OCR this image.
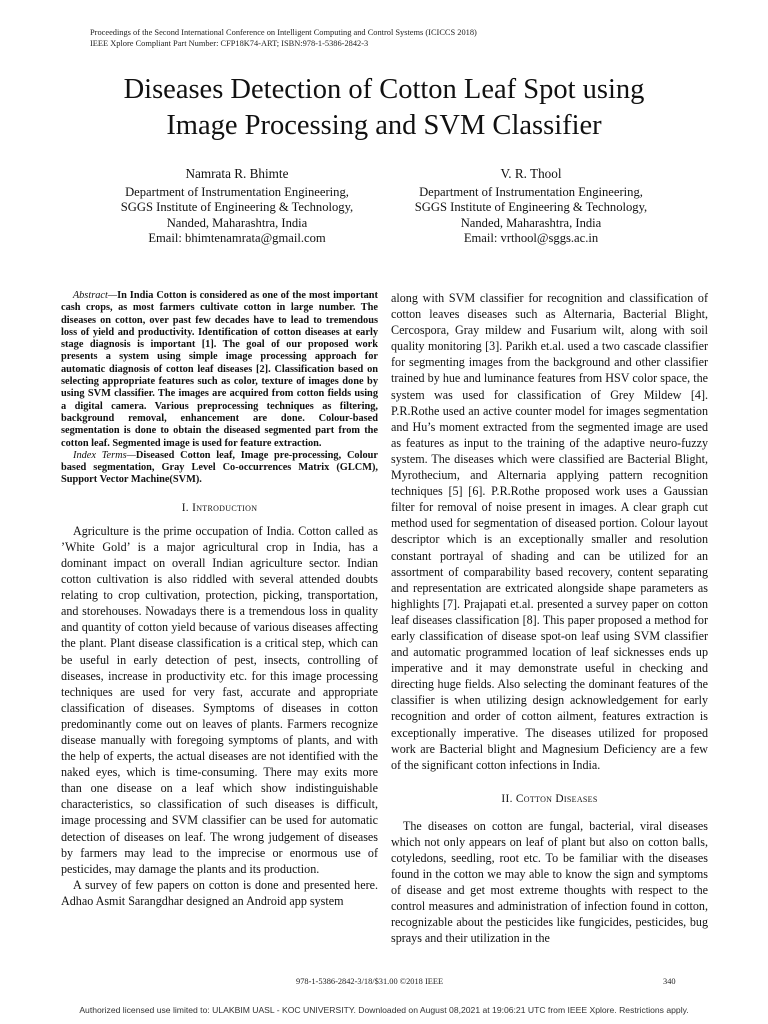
Proceedings of the Second International Conference on Intelligent Computing and Control Systems (ICICCS 2018)
IEEE Xplore Compliant Part Number: CFP18K74-ART; ISBN:978-1-5386-2842-3
Diseases Detection of Cotton Leaf Spot using
Image Processing and SVM Classifier
Namrata R. Bhimte
Department of Instrumentation Engineering,
SGGS Institute of Engineering & Technology,
Nanded, Maharashtra, India
Email: bhimtenamrata@gmail.com
V. R. Thool
Department of Instrumentation Engineering,
SGGS Institute of Engineering & Technology,
Nanded, Maharashtra, India
Email: vrthool@sggs.ac.in

Abstract—In India Cotton is considered as one of the most important cash crops, as most farmers cultivate cotton in large number. The diseases on cotton, over past few decades have to lead to tremendous loss of yield and productivity. Identification of cotton diseases at early stage diagnosis is important [1]. The goal of our proposed work presents a system using simple image processing approach for automatic diagnosis of cotton leaf diseases [2]. Classification based on selecting appropriate features such as color, texture of images done by using SVM classifier. The images are acquired from cotton fields using a digital camera. Various preprocessing techniques as filtering, background removal, enhancement are done. Colour-based segmentation is done to obtain the diseased segmented part from the cotton leaf. Segmented image is used for feature extraction.

Index Terms—Diseased Cotton leaf, Image pre-processing, Colour based segmentation, Gray Level Co-occurrences Matrix (GLCM), Support Vector Machine(SVM).

I. Introduction

Agriculture is the prime occupation of India. Cotton called as ’White Gold’ is a major agricultural crop in India, has a dominant impact on overall Indian agriculture sector. Indian cotton cultivation is also riddled with several attended doubts relating to crop cultivation, protection, picking, transportation, and storehouses. Nowadays there is a tremendous loss in quality and quantity of cotton yield because of various diseases affecting the plant. Plant disease classification is a critical step, which can be useful in early detection of pest, insects, controlling of diseases, increase in productivity etc. for this image processing techniques are used for very fast, accurate and appropriate classification of diseases. Symptoms of diseases in cotton predominantly come out on leaves of plants. Farmers recognize disease manually with foregoing symptoms of plants, and with the help of experts, the actual diseases are not identified with the naked eyes, which is time-consuming. There may exits more than one disease on a leaf which show indistinguishable characteristics, so classification of such diseases is difficult, image processing and SVM classifier can be used for automatic detection of diseases on leaf. The wrong judgement of diseases by farmers may lead to the imprecise or enormous use of pesticides, may damage the plants and its production.

A survey of few papers on cotton is done and presented here. Adhao Asmit Sarangdhar designed an Android app system

along with SVM classifier for recognition and classification of cotton leaves diseases such as Alternaria, Bacterial Blight, Cercospora, Gray mildew and Fusarium wilt, along with soil quality monitoring [3]. Parikh et.al. used a two cascade classifier for segmenting images from the background and other classifier trained by hue and luminance features from HSV color space, the system was used for classification of Grey Mildew [4]. P.R.Rothe used an active counter model for images segmentation and Hu’s moment extracted from the segmented image are used as features as input to the training of the adaptive neuro-fuzzy system. The diseases which were classified are Bacterial Blight, Myrothecium, and Alternaria applying pattern recognition techniques [5] [6]. P.R.Rothe proposed work uses a Gaussian filter for removal of noise present in images. A clear graph cut method used for segmentation of diseased portion. Colour layout descriptor which is an exceptionally smaller and resolution constant portrayal of shading and can be utilized for an assortment of comparability based recovery, content separating and representation are extricated alongside shape parameters as highlights [7]. Prajapati et.al. presented a survey paper on cotton leaf diseases classification [8]. This paper proposed a method for early classification of disease spot-on leaf using SVM classifier and automatic programmed location of leaf sicknesses ends up imperative and it may demonstrate useful in checking and directing huge fields. Also selecting the dominant features of the classifier is when utilizing design acknowledgement for early recognition and order of cotton ailment, features extraction is exceptionally imperative. The diseases utilized for proposed work are Bacterial blight and Magnesium Deficiency are a few of the significant cotton infections in India.

II. Cotton Diseases

The diseases on cotton are fungal, bacterial, viral diseases which not only appears on leaf of plant but also on cotton balls, cotyledons, seedling, root etc. To be familiar with the diseases found in the cotton we may able to know the sign and symptoms of disease and get most extreme thoughts with respect to the control measures and administration of infection found in cotton, recognizable about the pesticides like fungicides, pesticides, bug sprays and their utilization in the

978-1-5386-2842-3/18/$31.00 ©2018 IEEE	340
Authorized licensed use limited to: ULAKBIM UASL - KOC UNIVERSITY. Downloaded on August 08,2021 at 19:06:21 UTC from IEEE Xplore. Restrictions apply.
